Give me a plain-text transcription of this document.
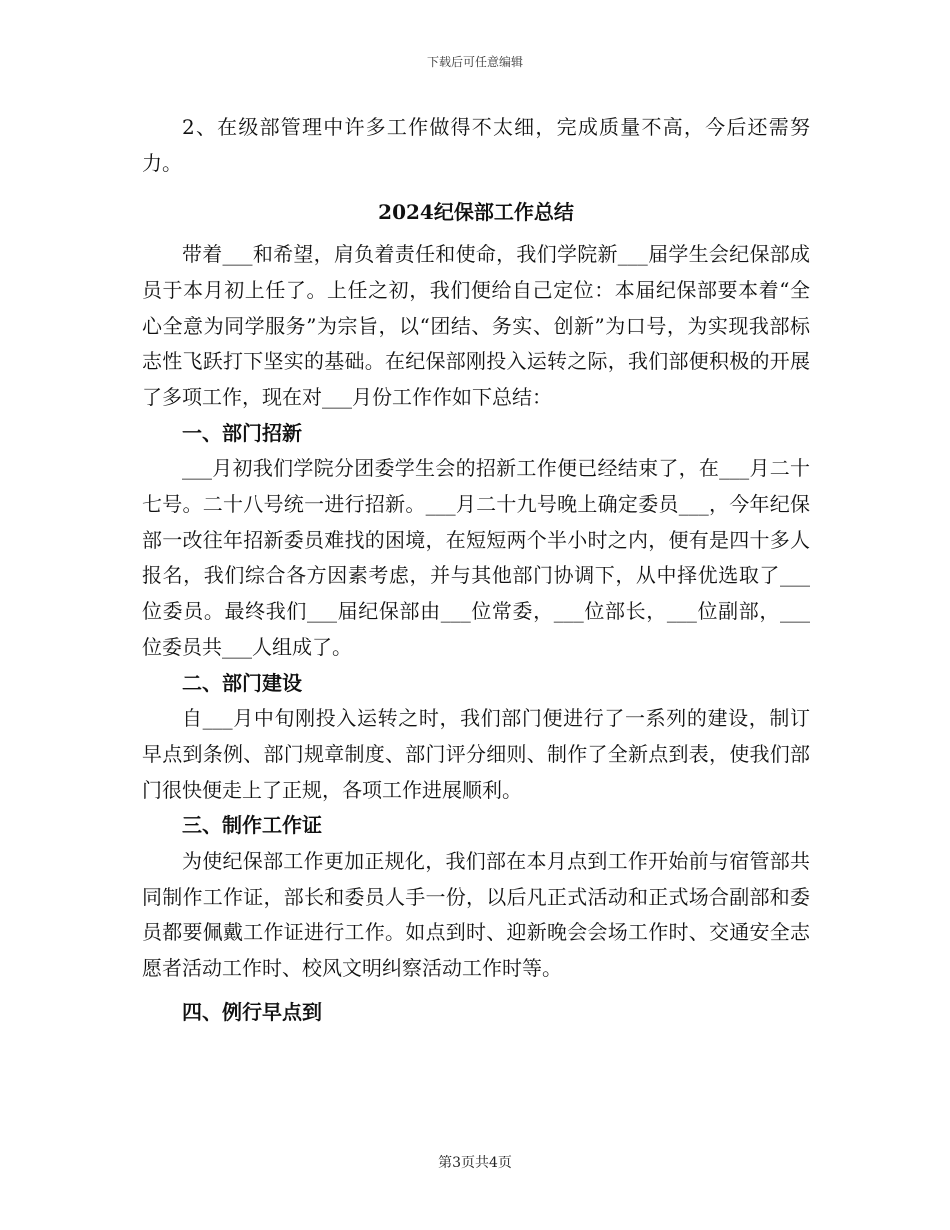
下载后可任意编辑

2、在级部管理中许多工作做得不太细，完成质量不高，今后还需努力。

2024纪保部工作总结

带着___和希望，肩负着责任和使命，我们学院新___届学生会纪保部成员于本月初上任了。上任之初，我们便给自己定位：本届纪保部要本着“全心全意为同学服务”为宗旨，以“团结、务实、创新”为口号，为实现我部标志性飞跃打下坚实的基础。在纪保部刚投入运转之际，我们部便积极的开展了多项工作，现在对___月份工作作如下总结：

一、部门招新

___月初我们学院分团委学生会的招新工作便已经结束了，在___月二十七号。二十八号统一进行招新。___月二十九号晚上确定委员___，今年纪保部一改往年招新委员难找的困境，在短短两个半小时之内，便有是四十多人报名，我们综合各方因素考虑，并与其他部门协调下，从中择优选取了___位委员。最终我们___届纪保部由___位常委，___位部长，___位副部，___位委员共___人组成了。

二、部门建设

自___月中旬刚投入运转之时，我们部门便进行了一系列的建设，制订早点到条例、部门规章制度、部门评分细则、制作了全新点到表，使我们部门很快便走上了正规，各项工作进展顺利。

三、制作工作证

为使纪保部工作更加正规化，我们部在本月点到工作开始前与宿管部共同制作工作证，部长和委员人手一份，以后凡正式活动和正式场合副部和委员都要佩戴工作证进行工作。如点到时、迎新晚会会场工作时、交通安全志愿者活动工作时、校风文明纠察活动工作时等。

四、例行早点到

第3页共4页
